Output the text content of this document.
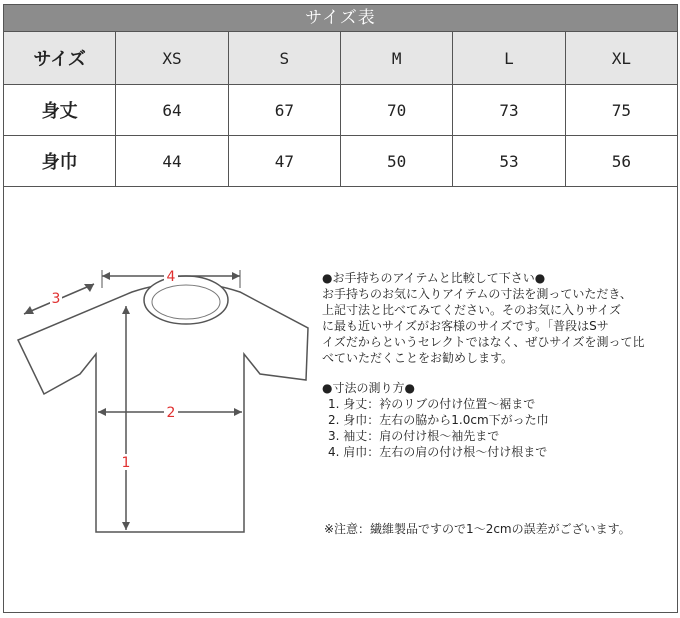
サイズ表
サイズ	XS	S	M	L	XL
身丈	64	67	70	73	75
身巾	44	47	50	53	56
4
3
2
1
●お手持ちのアイテムと比較して下さい●
お手持ちのお気に入りアイテムの寸法を測っていただき、
上記寸法と比べてみてください。そのお気に入りサイズ
に最も近いサイズがお客様のサイズです。「普段はSサ
イズだからというセレクトではなく、ぜひサイズを測って比
べていただくことをお勧めします。
●寸法の測り方●
1. 身丈：衿のリブの付け位置～裾まで
2. 身巾：左右の脇から1.0cm下がった巾
3. 袖丈：肩の付け根～袖先まで
4. 肩巾：左右の肩の付け根～付け根まで
※注意：繊維製品ですので1～2cmの誤差がございます。
